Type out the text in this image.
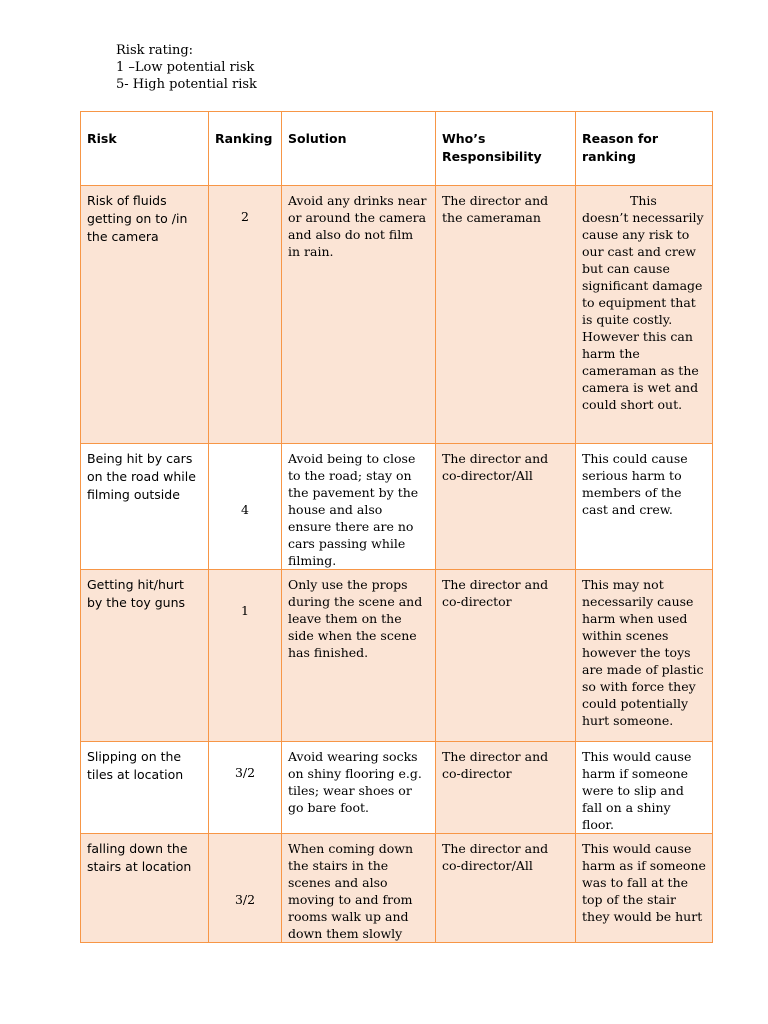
Risk rating:
1 –Low potential risk
5- High potential risk
Risk	Ranking	Solution	Who’s Responsibility	Reason for ranking
Risk of fluids getting on to /in the camera	2	Avoid any drinks near or around the camera and also do not film in rain.	The director and the cameraman	This doesn’t necessarily cause any risk to our cast and crew but can cause significant damage to equipment that is quite costly. However this can harm the cameraman as the camera is wet and could short out.
Being hit by cars on the road while filming outside	4	Avoid being to close to the road; stay on the pavement by the house and also ensure there are no cars passing while filming.	The director and co-director/All	This could cause serious harm to members of the cast and crew.
Getting hit/hurt by the toy guns	1	Only use the props during the scene and leave them on the side when the scene has finished.	The director and co-director	This may not necessarily cause harm when used within scenes however the toys are made of plastic so with force they could potentially hurt someone.
Slipping on the tiles at location	3/2	Avoid wearing socks on shiny flooring e.g. tiles; wear shoes or go bare foot.	The director and co-director	This would cause harm if someone were to slip and fall on a shiny floor.
falling down the stairs at location	3/2	When coming down the stairs in the scenes and also moving to and from rooms walk up and down them slowly	The director and co-director/All	This would cause harm as if someone was to fall at the top of the stair they would be hurt
